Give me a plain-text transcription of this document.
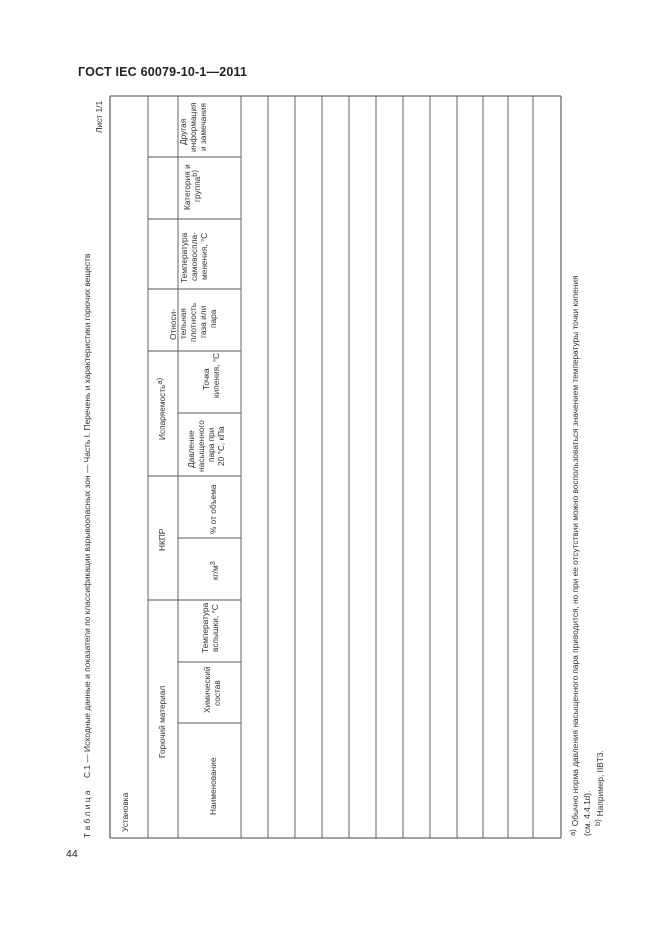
ГОСТ IEC 60079-10-1—2011
44
Т а б л и ц а
C.1 — Исходные данные и показатели по классификации взрывоопасных зон — Часть I. Перечень и характеристики горючих веществ
Лист 1/1
Установка
Горючий материал
НКПР
Испаряемостьa)
Наименование
Химический состав
Температура вспышки, °С
кг/м3
% от объема
Давление насыщенного пара при 20 °С, кПа
Точка кипения, °С
Относи- тельная плотность газа или пара
Температура самовоспла- менения, °С
Категория и группаb)
Другая информация и замечания
a)Обычно норма давления насыщенного пара приводится, но при ее отсутствии можно воспользоваться значением температуры точки кипения (см. 4.4.1d). b)Например, IIBT3.
